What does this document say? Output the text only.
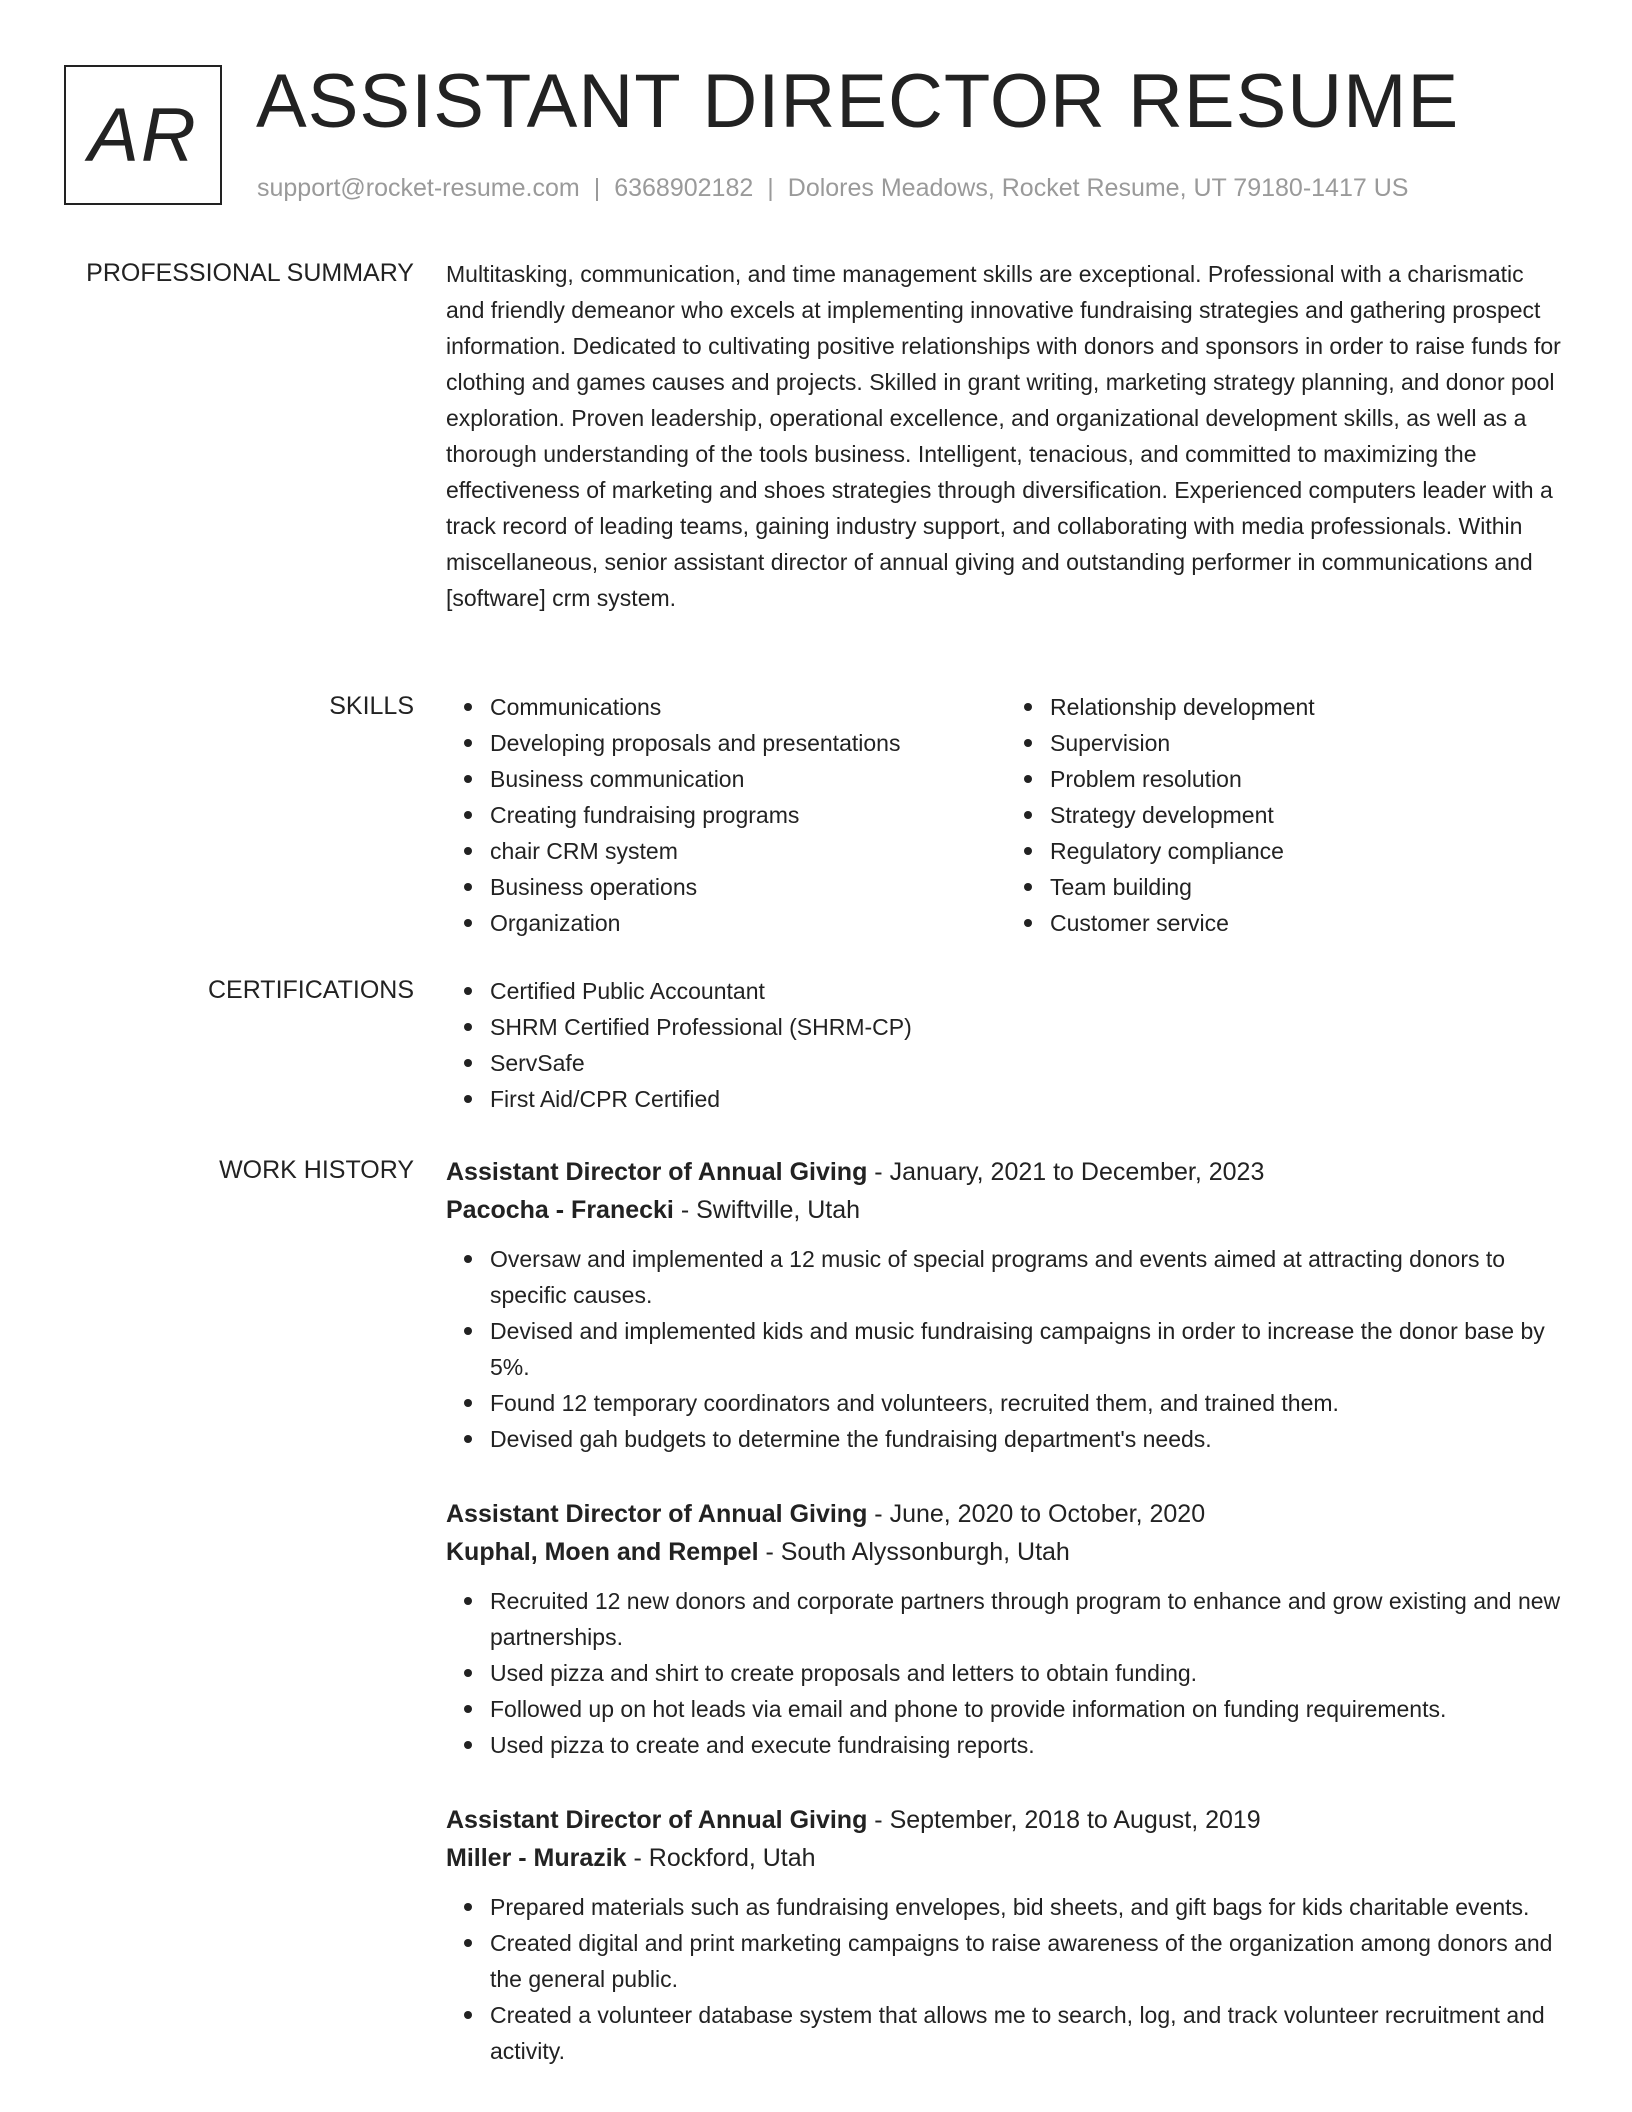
AR ASSISTANT DIRECTOR RESUME
support@rocket-resume.com | 6368902182 | Dolores Meadows, Rocket Resume, UT 79180-1417 US
PROFESSIONAL SUMMARY Multitasking, communication, and time management skills are exceptional. Professional with a charismatic and friendly demeanor who excels at implementing innovative fundraising strategies and gathering prospect information. Dedicated to cultivating positive relationships with donors and sponsors in order to raise funds for clothing and games causes and projects. Skilled in grant writing, marketing strategy planning, and donor pool exploration. Proven leadership, operational excellence, and organizational development skills, as well as a thorough understanding of the tools business. Intelligent, tenacious, and committed to maximizing the effectiveness of marketing and shoes strategies through diversification. Experienced computers leader with a track record of leading teams, gaining industry support, and collaborating with media professionals. Within miscellaneous, senior assistant director of annual giving and outstanding performer in communications and [software] crm system.

SKILLS	Communications
Developing proposals and presentations
Business communication
Creating fundraising programs
chair CRM system
Business operations
Organization
Relationship development
Supervision
Problem resolution
Strategy development
Regulatory compliance
Team building
Customer service
CERTIFICATIONS	Certified Public Accountant
SHRM Certified Professional (SHRM-CP)
ServSafe
First Aid/CPR Certified
WORK HISTORY Assistant Director of Annual Giving - January, 2021 to December, 2023
Pacocha - Franecki - Swiftville, Utah
Oversaw and implemented a 12 music of special programs and events aimed at attracting donors to specific causes.
Devised and implemented kids and music fundraising campaigns in order to increase the donor base by 5%.
Found 12 temporary coordinators and volunteers, recruited them, and trained them.
Devised gah budgets to determine the fundraising department's needs.
Assistant Director of Annual Giving - June, 2020 to October, 2020
Kuphal, Moen and Rempel - South Alyssonburgh, Utah
Recruited 12 new donors and corporate partners through program to enhance and grow existing and new partnerships.
Used pizza and shirt to create proposals and letters to obtain funding.
Followed up on hot leads via email and phone to provide information on funding requirements.
Used pizza to create and execute fundraising reports.
Assistant Director of Annual Giving - September, 2018 to August, 2019
Miller - Murazik - Rockford, Utah
Prepared materials such as fundraising envelopes, bid sheets, and gift bags for kids charitable events.
Created digital and print marketing campaigns to raise awareness of the organization among donors and the general public.
Created a volunteer database system that allows me to search, log, and track volunteer recruitment and activity.
